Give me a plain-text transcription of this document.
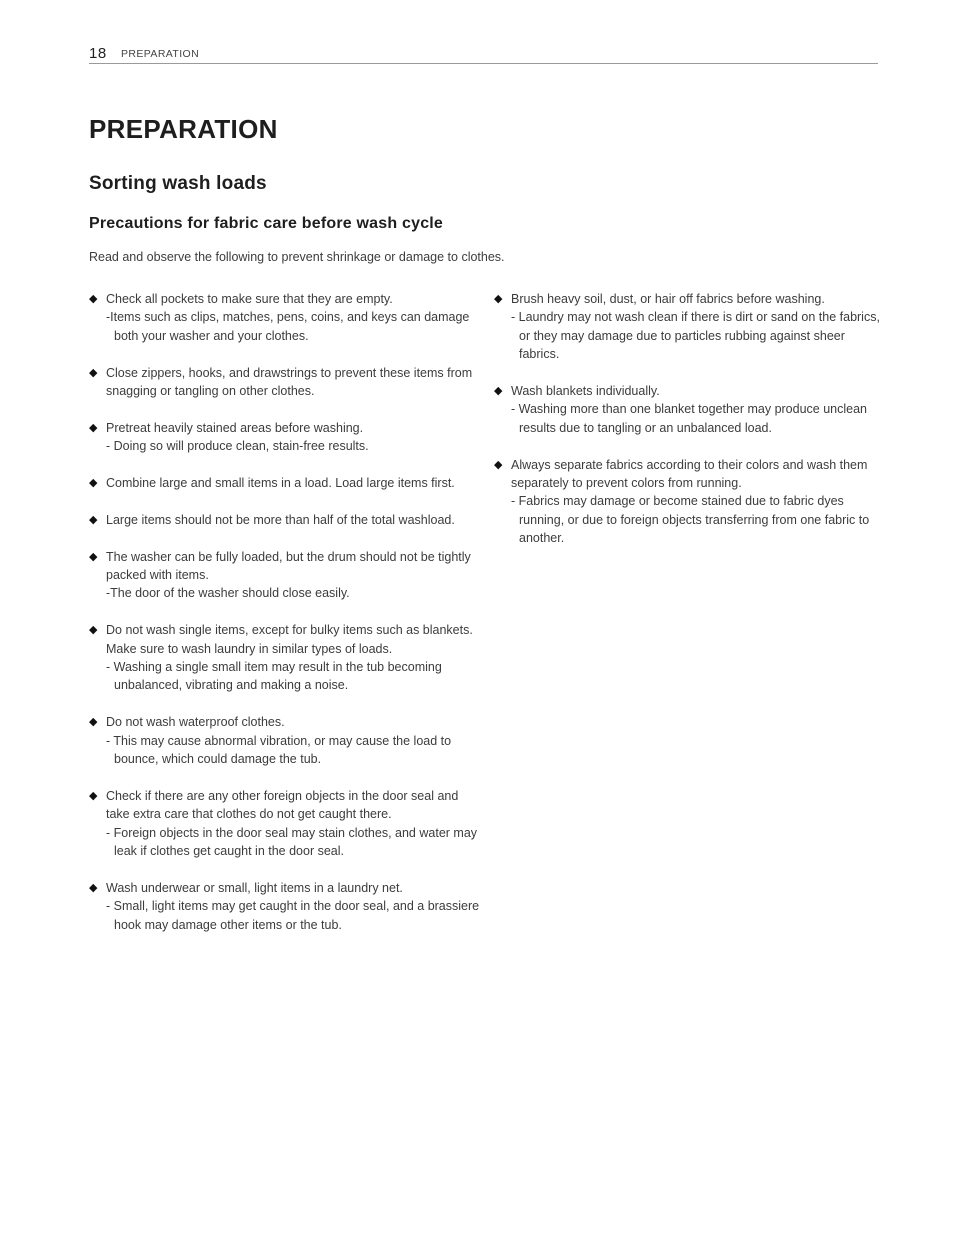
18 PREPARATION
PREPARATION
Sorting wash loads
Precautions for fabric care before wash cycle

Read and observe the following to prevent shrinkage or damage to clothes.

◆ Check all pockets to make sure that they are empty.
-Items such as clips, matches, pens, coins, and keys can damage both your washer and your clothes.
◆ Close zippers, hooks, and drawstrings to prevent these items from snagging or tangling on other clothes.
◆ Pretreat heavily stained areas before washing.
- Doing so will produce clean, stain-free results.
◆ Combine large and small items in a load. Load large items first.
◆ Large items should not be more than half of the total washload.
◆ The washer can be fully loaded, but the drum should not be tightly packed with items.
-The door of the washer should close easily.
◆ Do not wash single items, except for bulky items such as blankets. Make sure to wash laundry in similar types of loads.
- Washing a single small item may result in the tub becoming unbalanced, vibrating and making a noise.
◆ Do not wash waterproof clothes.
- This may cause abnormal vibration, or may cause the load to bounce, which could damage the tub.
◆ Check if there are any other foreign objects in the door seal and take extra care that clothes do not get caught there.
- Foreign objects in the door seal may stain clothes, and water may leak if clothes get caught in the door seal.
◆ Wash underwear or small, light items in a laundry net.
- Small, light items may get caught in the door seal, and a brassiere hook may damage other items or the tub.
◆ Brush heavy soil, dust, or hair off fabrics before washing.
- Laundry may not wash clean if there is dirt or sand on the fabrics, or they may damage due to particles rubbing against sheer fabrics.
◆ Wash blankets individually.
- Washing more than one blanket together may produce unclean results due to tangling or an unbalanced load.
◆ Always separate fabrics according to their colors and wash them separately to prevent colors from running.
- Fabrics may damage or become stained due to fabric dyes running, or due to foreign objects transferring from one fabric to another.
